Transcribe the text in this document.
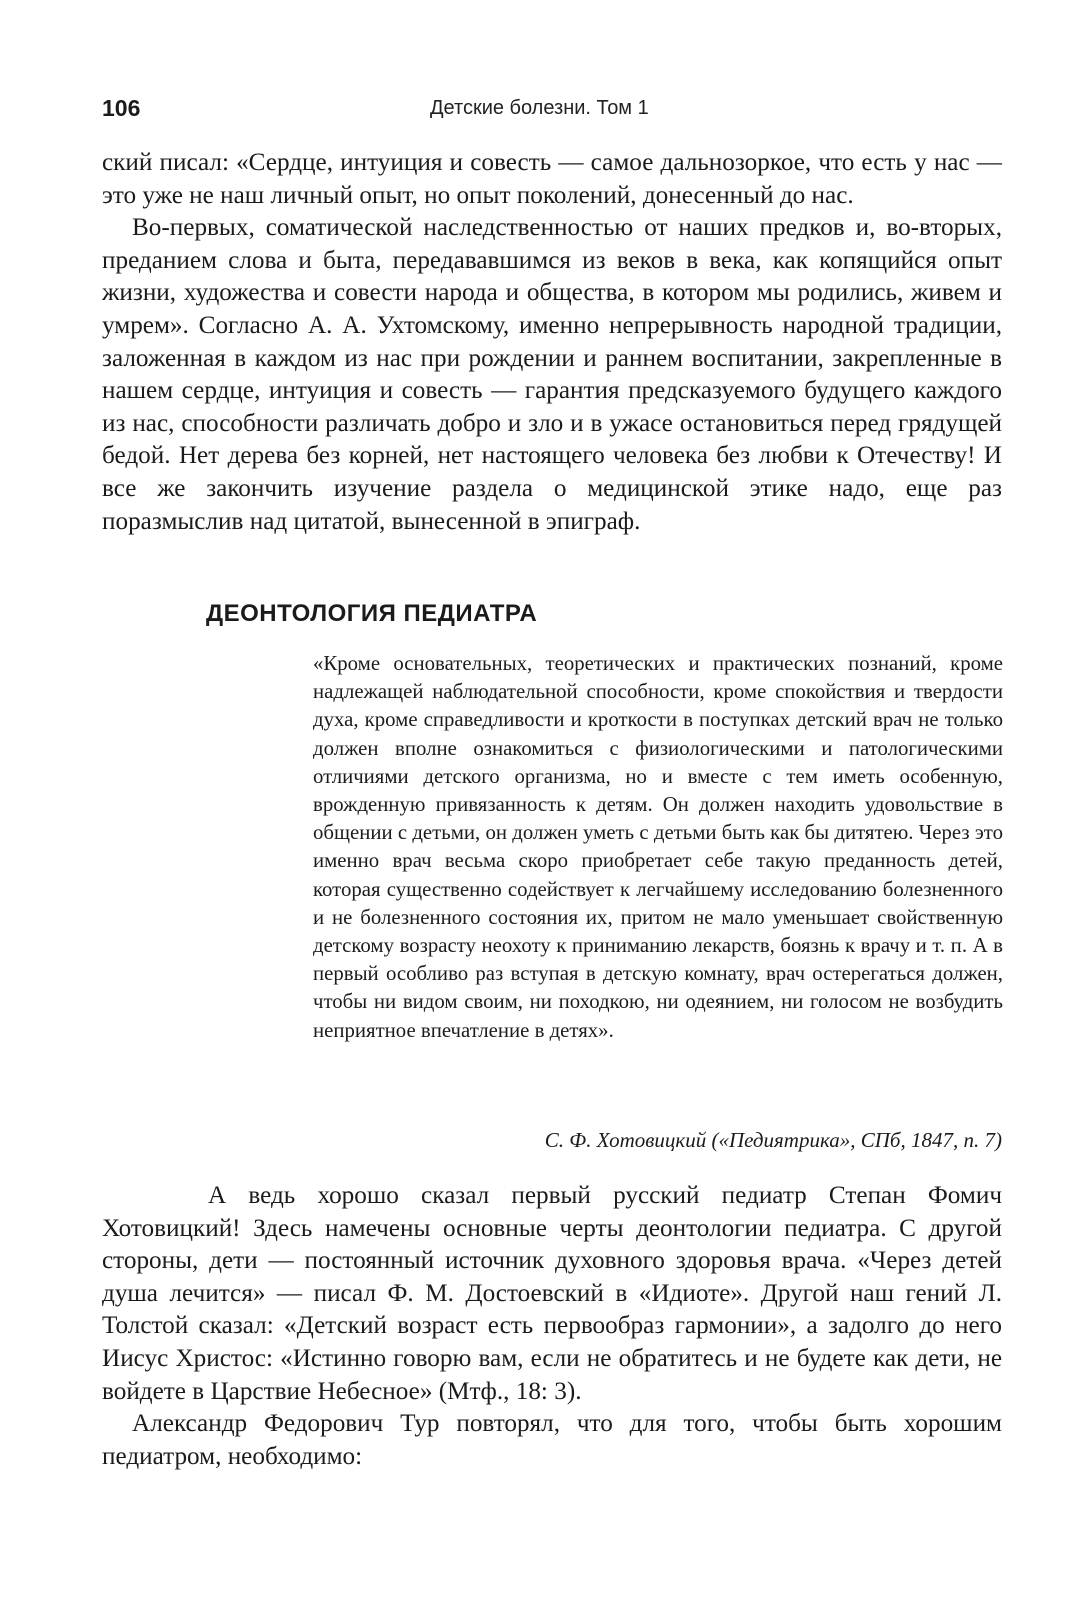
106	Детские болезни. Том 1

ский писал: «Сердце, интуиция и совесть — самое дальнозоркое, что есть у нас — это уже не наш личный опыт, но опыт поколений, донесенный до нас.

Во-первых, соматической наследственностью от наших предков и, во-вторых, преданием слова и быта, передававшимся из веков в века, как копящийся опыт жизни, художества и совести народа и общества, в котором мы родились, живем и умрем». Согласно А. А. Ухтомскому, именно непрерывность народной традиции, заложенная в каждом из нас при рождении и раннем воспитании, закрепленные в нашем сердце, интуиция и совесть — гарантия предсказуемого будущего каждого из нас, способности различать добро и зло и в ужасе остановиться перед грядущей бедой. Нет дерева без корней, нет настоящего человека без любви к Отечеству! И все же закончить изучение раздела о медицинской этике надо, еще раз поразмыслив над цитатой, вынесенной в эпиграф.

ДЕОНТОЛОГИЯ ПЕДИАТРА

«Кроме основательных, теоретических и практических познаний, кроме надлежащей наблюдательной способности, кроме спокойствия и твердости духа, кроме справедливости и кроткости в поступках детский врач не только должен вполне ознакомиться с физиологическими и патологическими отличиями детского организма, но и вместе с тем иметь особенную, врожденную привязанность к детям. Он должен находить удовольствие в общении с детьми, он должен уметь с детьми быть как бы дитятею. Через это именно врач весьма скоро приобретает себе такую преданность детей, которая существенно содействует к легчайшему исследованию болезненного и не болезненного состояния их, притом не мало уменьшает свойственную детскому возрасту неохоту к приниманию лекарств, боязнь к врачу и т. п. А в первый особливо раз вступая в детскую комнату, врач остерегаться должен, чтобы ни видом своим, ни походкою, ни одеянием, ни голосом не возбудить неприятное впечатление в детях».

С. Ф. Хотовицкий («Педиятрика», СПб, 1847, п. 7)

А ведь хорошо сказал первый русский педиатр Степан Фомич Хотовицкий! Здесь намечены основные черты деонтологии педиатра. С другой стороны, дети — постоянный источник духовного здоровья врача. «Через детей душа лечится» — писал Ф. М. Достоевский в «Идиоте». Другой наш гений Л. Толстой сказал: «Детский возраст есть первообраз гармонии», а задолго до него Иисус Христос: «Истинно говорю вам, если не обратитесь и не будете как дети, не войдете в Царствие Небесное» (Мтф., 18: 3).

Александр Федорович Тур повторял, что для того, чтобы быть хорошим педиатром, необходимо:
